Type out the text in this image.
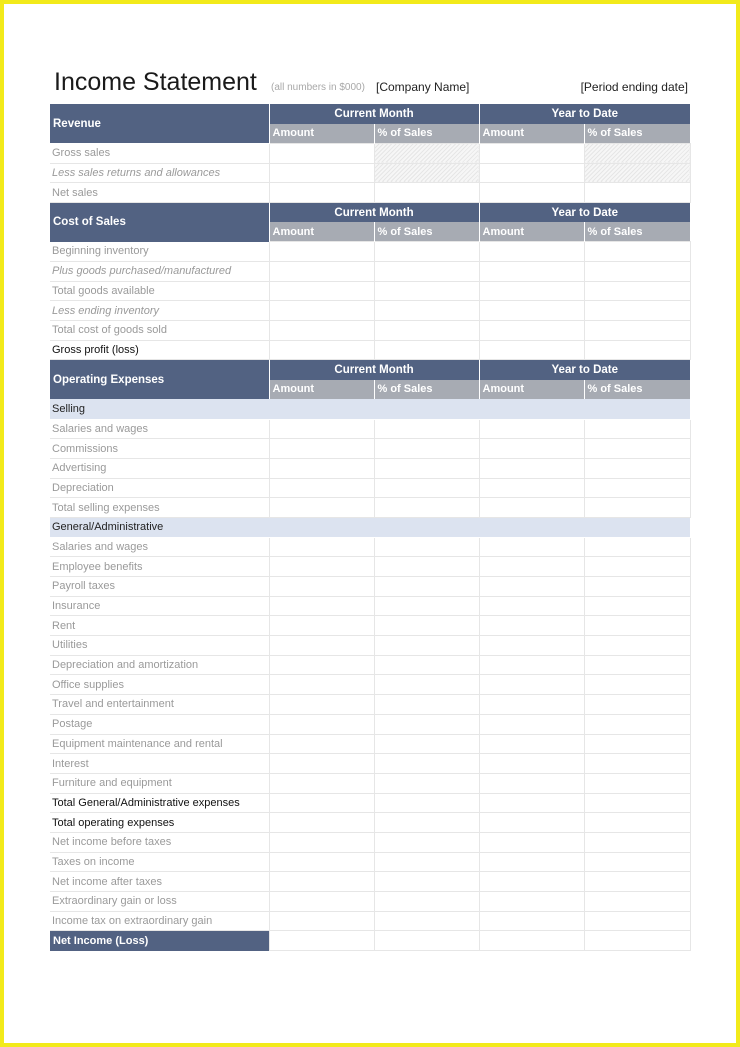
Income Statement (all numbers in $000) [Company Name]	[Period ending date]
Revenue	Current Month		Year to Date	
	Amount	% of Sales	Amount	% of Sales
Gross sales				
Less sales returns and allowances				
Net sales				
Cost of Sales	Current Month		Year to Date	
	Amount	% of Sales	Amount	% of Sales
Beginning inventory				
Plus goods purchased/manufactured				
Total goods available				
Less ending inventory				
Total cost of goods sold				
Gross profit (loss)				
Operating Expenses	Current Month		Year to Date	
	Amount	% of Sales	Amount	% of Sales
Selling				
Salaries and wages				
Commissions				
Advertising				
Depreciation				
Total selling expenses				
General/Administrative				
Salaries and wages				
Employee benefits				
Payroll taxes				
Insurance				
Rent				
Utilities				
Depreciation and amortization				
Office supplies				
Travel and entertainment				
Postage				
Equipment maintenance and rental				
Interest				
Furniture and equipment				
Total General/Administrative expenses				
Total operating expenses				
Net income before taxes				
Taxes on income				
Net income after taxes				
Extraordinary gain or loss				
Income tax on extraordinary gain				
Net Income (Loss)				
